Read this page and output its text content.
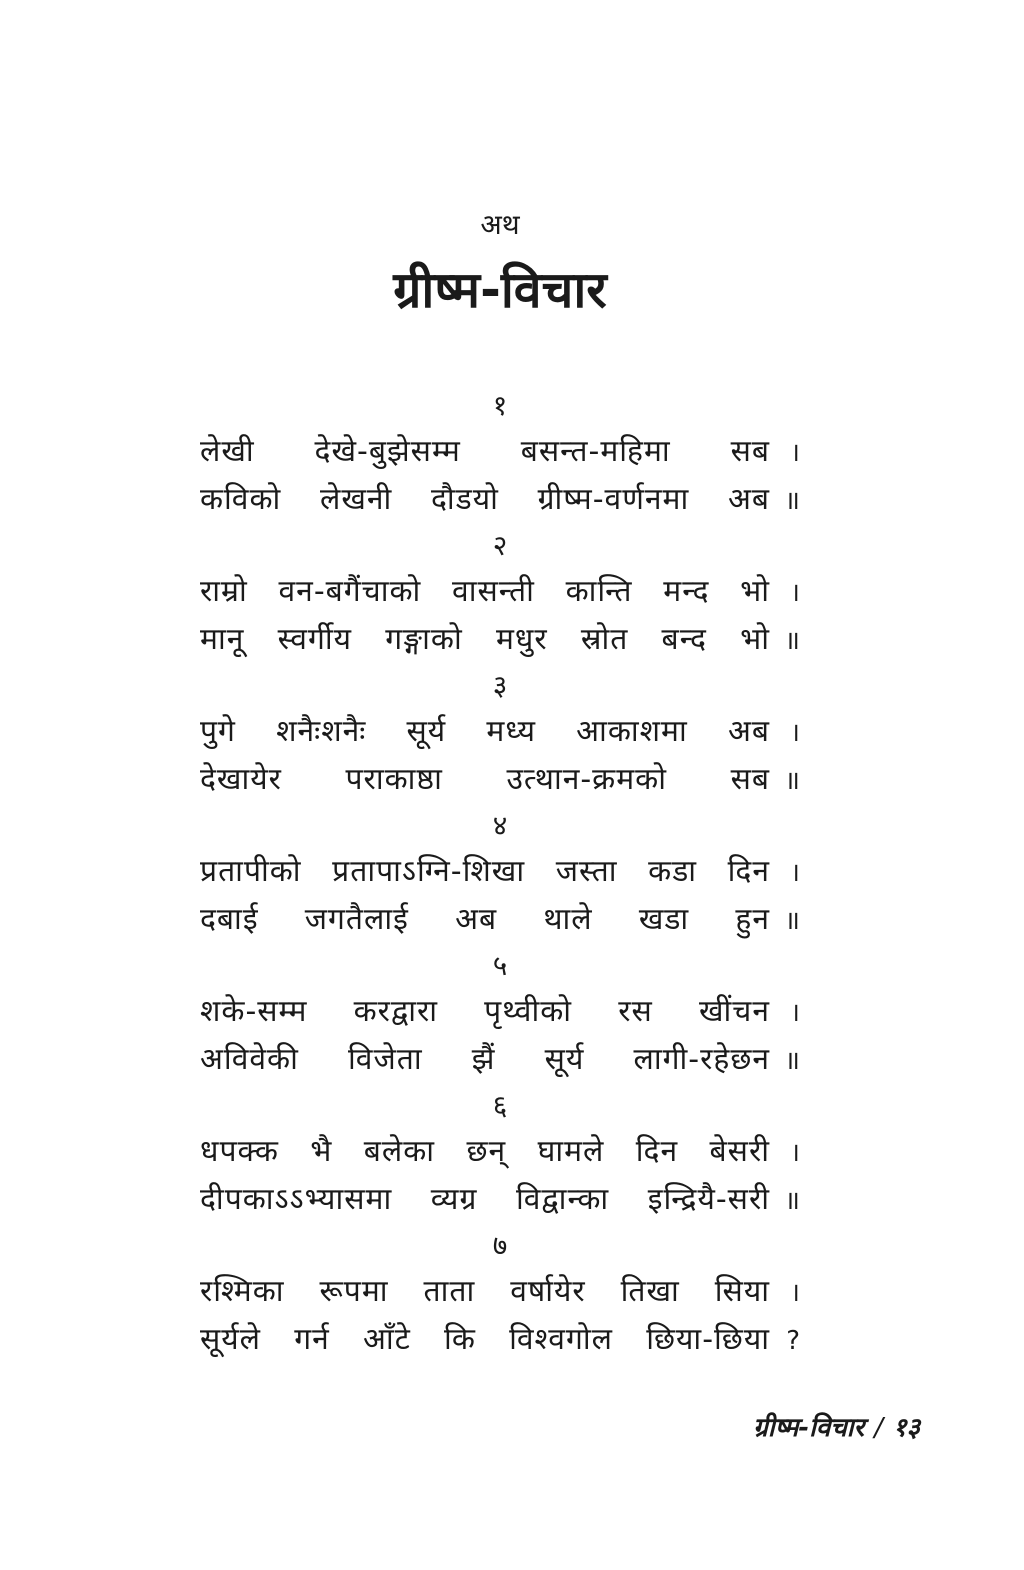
अथ
ग्रीष्म-विचार
१
लेखी देखे-बुझेसम्म बसन्त-महिमा सब ।
कविको लेखनी दौडयो ग्रीष्म-वर्णनमा अब ॥
२
राम्रो वन-बगैंचाको वासन्ती कान्ति मन्द भो ।
मानू स्वर्गीय गङ्गाको मधुर स्रोत बन्द भो ॥
३
पुगे शनैःशनैः सूर्य मध्य आकाशमा अब ।
देखायेर पराकाष्ठा उत्थान-क्रमको सब ॥
४
प्रतापीको प्रतापाऽग्नि-शिखा जस्ता कडा दिन ।
दबाई जगतैलाई अब थाले खडा हुन ॥
५
शके-सम्म करद्वारा पृथ्वीको रस खींचन ।
अविवेकी विजेता झैं सूर्य लागी-रहेछन ॥
६
धपक्क भै बलेका छन् घामले दिन बेसरी ।
दीपकाऽऽभ्यासमा व्यग्र विद्वान्का इन्द्रियै-सरी ॥
७
रश्मिका रूपमा ताता वर्षायेर तिखा सिया ।
सूर्यले गर्न आँटे कि विश्वगोल छिया-छिया ?
ग्रीष्म-विचार / १३
